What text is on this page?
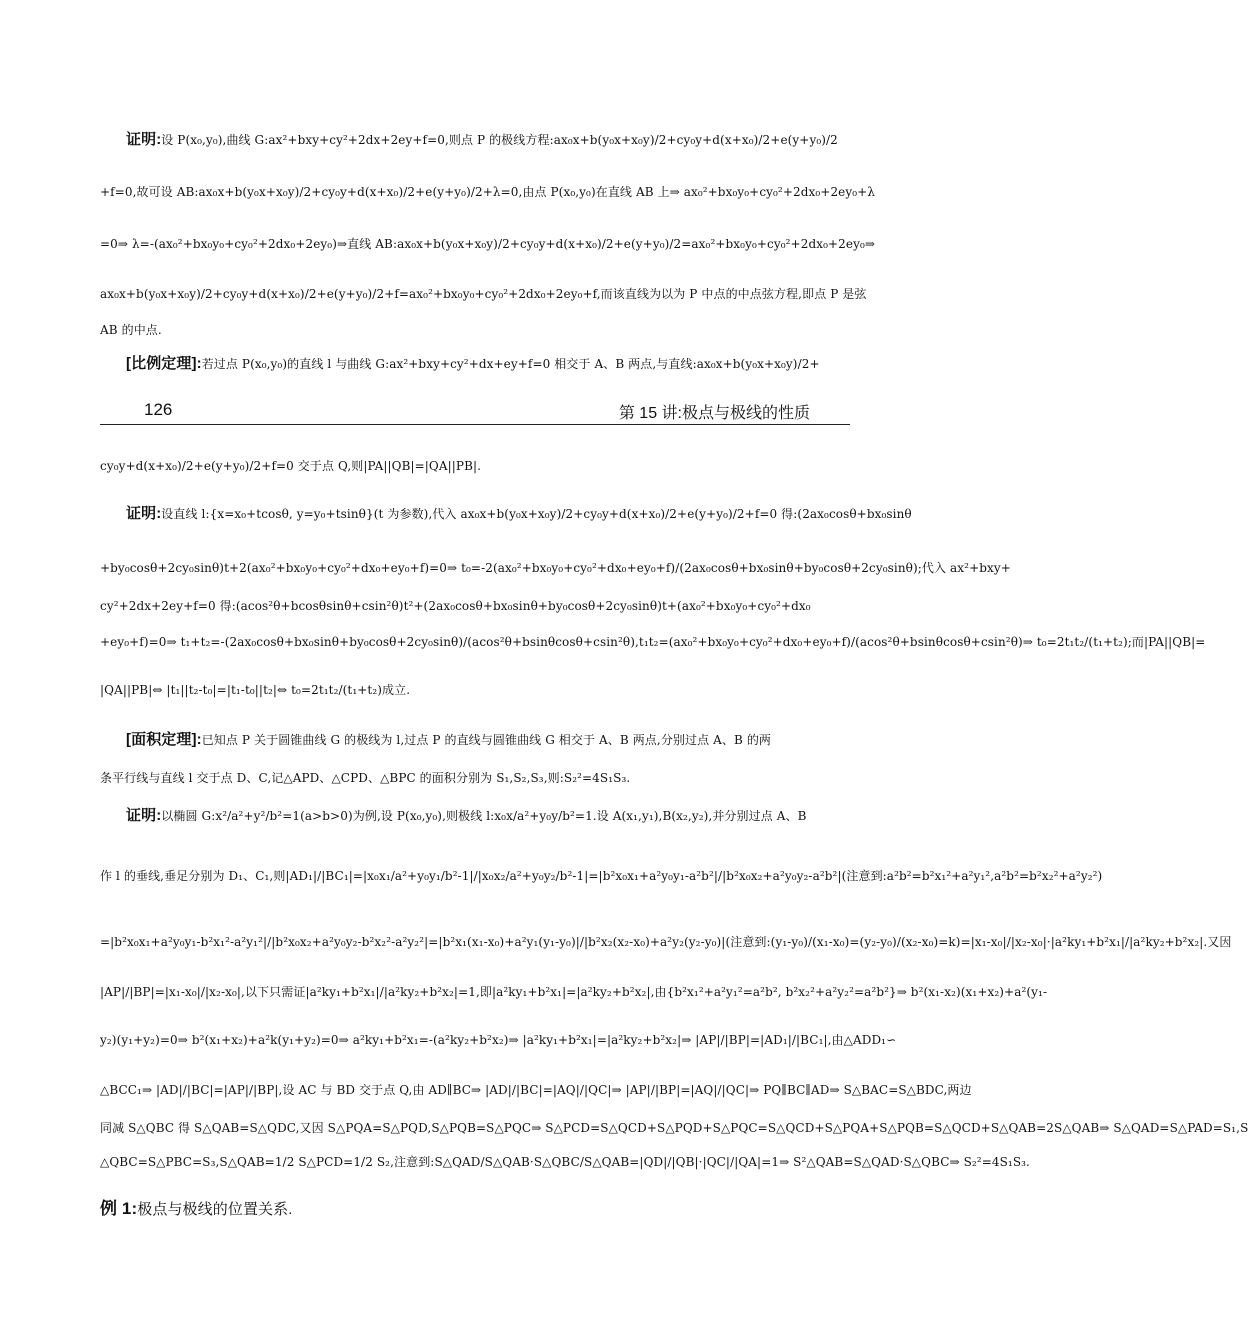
证明:设 P(x₀,y₀),曲线 G:ax²+bxy+cy²+2dx+2ey+f=0,则点 P 的极线方程:ax₀x+b(y₀x+x₀y)/2+cy₀y+d(x+x₀)/2+e(y+y₀)/2
+f=0,故可设 AB:ax₀x+b(y₀x+x₀y)/2+cy₀y+d(x+x₀)/2+e(y+y₀)/2+λ=0,由点 P(x₀,y₀)在直线 AB 上⇒ ax₀²+bx₀y₀+cy₀²+2dx₀+2ey₀+λ
=0⇒ λ=-(ax₀²+bx₀y₀+cy₀²+2dx₀+2ey₀)⇒直线 AB:ax₀x+b(y₀x+x₀y)/2+cy₀y+d(x+x₀)/2+e(y+y₀)/2=ax₀²+bx₀y₀+cy₀²+2dx₀+2ey₀⇒
ax₀x+b(y₀x+x₀y)/2+cy₀y+d(x+x₀)/2+e(y+y₀)/2+f=ax₀²+bx₀y₀+cy₀²+2dx₀+2ey₀+f,而该直线为以为 P 中点的中点弦方程,即点 P 是弦
AB 的中点.
[比例定理]:若过点 P(x₀,y₀)的直线 l 与曲线 G:ax²+bxy+cy²+dx+ey+f=0 相交于 A、B 两点,与直线:ax₀x+b(y₀x+x₀y)/2+
126	第 15 讲:极点与极线的性质
cy₀y+d(x+x₀)/2+e(y+y₀)/2+f=0 交于点 Q,则|PA||QB|=|QA||PB|.
证明:设直线 l:{x=x₀+tcosθ, y=y₀+tsinθ}(t 为参数),代入 ax₀x+b(y₀x+x₀y)/2+cy₀y+d(x+x₀)/2+e(y+y₀)/2+f=0 得:(2ax₀cosθ+bx₀sinθ
+by₀cosθ+2cy₀sinθ)t+2(ax₀²+bx₀y₀+cy₀²+dx₀+ey₀+f)=0⇒ t₀=-2(ax₀²+bx₀y₀+cy₀²+dx₀+ey₀+f)/(2ax₀cosθ+bx₀sinθ+by₀cosθ+2cy₀sinθ);代入 ax²+bxy+
cy²+2dx+2ey+f=0 得:(acos²θ+bcosθsinθ+csin²θ)t²+(2ax₀cosθ+bx₀sinθ+by₀cosθ+2cy₀sinθ)t+(ax₀²+bx₀y₀+cy₀²+dx₀
+ey₀+f)=0⇒ t₁+t₂=-(2ax₀cosθ+bx₀sinθ+by₀cosθ+2cy₀sinθ)/(acos²θ+bsinθcosθ+csin²θ),t₁t₂=(ax₀²+bx₀y₀+cy₀²+dx₀+ey₀+f)/(acos²θ+bsinθcosθ+csin²θ)⇒ t₀=2t₁t₂/(t₁+t₂);而|PA||QB|=
|QA||PB|⇔ |t₁||t₂-t₀|=|t₁-t₀||t₂|⇔ t₀=2t₁t₂/(t₁+t₂)成立.
[面积定理]:已知点 P 关于圆锥曲线 G 的极线为 l,过点 P 的直线与圆锥曲线 G 相交于 A、B 两点,分别过点 A、B 的两
条平行线与直线 l 交于点 D、C,记△APD、△CPD、△BPC 的面积分别为 S₁,S₂,S₃,则:S₂²=4S₁S₃.
证明:以椭圆 G:x²/a²+y²/b²=1(a>b>0)为例,设 P(x₀,y₀),则极线 l:x₀x/a²+y₀y/b²=1.设 A(x₁,y₁),B(x₂,y₂),并分别过点 A、B
作 l 的垂线,垂足分别为 D₁、C₁,则|AD₁|/|BC₁|=|x₀x₁/a²+y₀y₁/b²-1|/|x₀x₂/a²+y₀y₂/b²-1|=|b²x₀x₁+a²y₀y₁-a²b²|/|b²x₀x₂+a²y₀y₂-a²b²|(注意到:a²b²=b²x₁²+a²y₁²,a²b²=b²x₂²+a²y₂²)
=|b²x₀x₁+a²y₀y₁-b²x₁²-a²y₁²|/|b²x₀x₂+a²y₀y₂-b²x₂²-a²y₂²|=|b²x₁(x₁-x₀)+a²y₁(y₁-y₀)|/|b²x₂(x₂-x₀)+a²y₂(y₂-y₀)|(注意到:(y₁-y₀)/(x₁-x₀)=(y₂-y₀)/(x₂-x₀)=k)=|x₁-x₀|/|x₂-x₀|·|a²ky₁+b²x₁|/|a²ky₂+b²x₂|.又因
|AP|/|BP|=|x₁-x₀|/|x₂-x₀|,以下只需证|a²ky₁+b²x₁|/|a²ky₂+b²x₂|=1,即|a²ky₁+b²x₁|=|a²ky₂+b²x₂|,由{b²x₁²+a²y₁²=a²b², b²x₂²+a²y₂²=a²b²}⇒ b²(x₁-x₂)(x₁+x₂)+a²(y₁-
y₂)(y₁+y₂)=0⇒ b²(x₁+x₂)+a²k(y₁+y₂)=0⇒ a²ky₁+b²x₁=-(a²ky₂+b²x₂)⇒ |a²ky₁+b²x₁|=|a²ky₂+b²x₂|⇒ |AP|/|BP|=|AD₁|/|BC₁|,由△ADD₁∽
△BCC₁⇒ |AD|/|BC|=|AP|/|BP|,设 AC 与 BD 交于点 Q,由 AD∥BC⇒ |AD|/|BC|=|AQ|/|QC|⇒ |AP|/|BP|=|AQ|/|QC|⇒ PQ∥BC∥AD⇒ S△BAC=S△BDC,两边
同减 S△QBC 得 S△QAB=S△QDC,又因 S△PQA=S△PQD,S△PQB=S△PQC⇒ S△PCD=S△QCD+S△PQD+S△PQC=S△QCD+S△PQA+S△PQB=S△QCD+S△QAB=2S△QAB⇒ S△QAD=S△PAD=S₁,S
△QBC=S△PBC=S₃,S△QAB=1/2 S△PCD=1/2 S₂,注意到:S△QAD/S△QAB·S△QBC/S△QAB=|QD|/|QB|·|QC|/|QA|=1⇒ S²△QAB=S△QAD·S△QBC⇒ S₂²=4S₁S₃.
例 1:极点与极线的位置关系.
